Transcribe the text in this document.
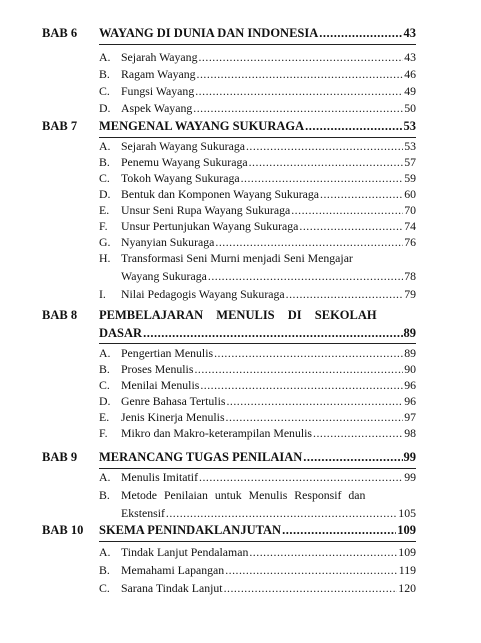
BAB 6 WAYANG DI DUNIA DAN INDONESIA .....	43
A. Sejarah Wayang .....	43
B. Ragam Wayang .....	46
C. Fungsi Wayang .....	49
D. Aspek Wayang .....	50
BAB 7 MENGENAL WAYANG SUKURAGA .....	53
A. Sejarah Wayang Sukuraga .....	53
B. Penemu Wayang Sukuraga .....	57
C. Tokoh Wayang Sukuraga .....	59
D. Bentuk dan Komponen Wayang Sukuraga .....	60
E. Unsur Seni Rupa Wayang Sukuraga .....	70
F. Unsur Pertunjukan Wayang Sukuraga .....	74
G. Nyanyian Sukuraga .....	76
H. Transformasi Seni Murni menjadi Seni Mengajar
Wayang Sukuraga .....	78
I. Nilai Pedagogis Wayang Sukuraga .....	79
BAB 8 PEMBELAJARAN MENULIS DI SEKOLAH
DASAR .....	89
A. Pengertian Menulis .....	89
B. Proses Menulis .....	90
C. Menilai Menulis .....	96
D. Genre Bahasa Tertulis .....	96
E. Jenis Kinerja Menulis .....	97
F. Mikro dan Makro-keterampilan Menulis .....	98
BAB 9 MERANCANG TUGAS PENILAIAN .....	99
A. Menulis Imitatif .....	99
B. Metode Penilaian untuk Menulis Responsif dan
Ekstensif .....	105
BAB 10 SKEMA PENINDAKLANJUTAN .....	109
A. Tindak Lanjut Pendalaman .....	109
B. Memahami Lapangan .....	119
C. Sarana Tindak Lanjut .....	120
